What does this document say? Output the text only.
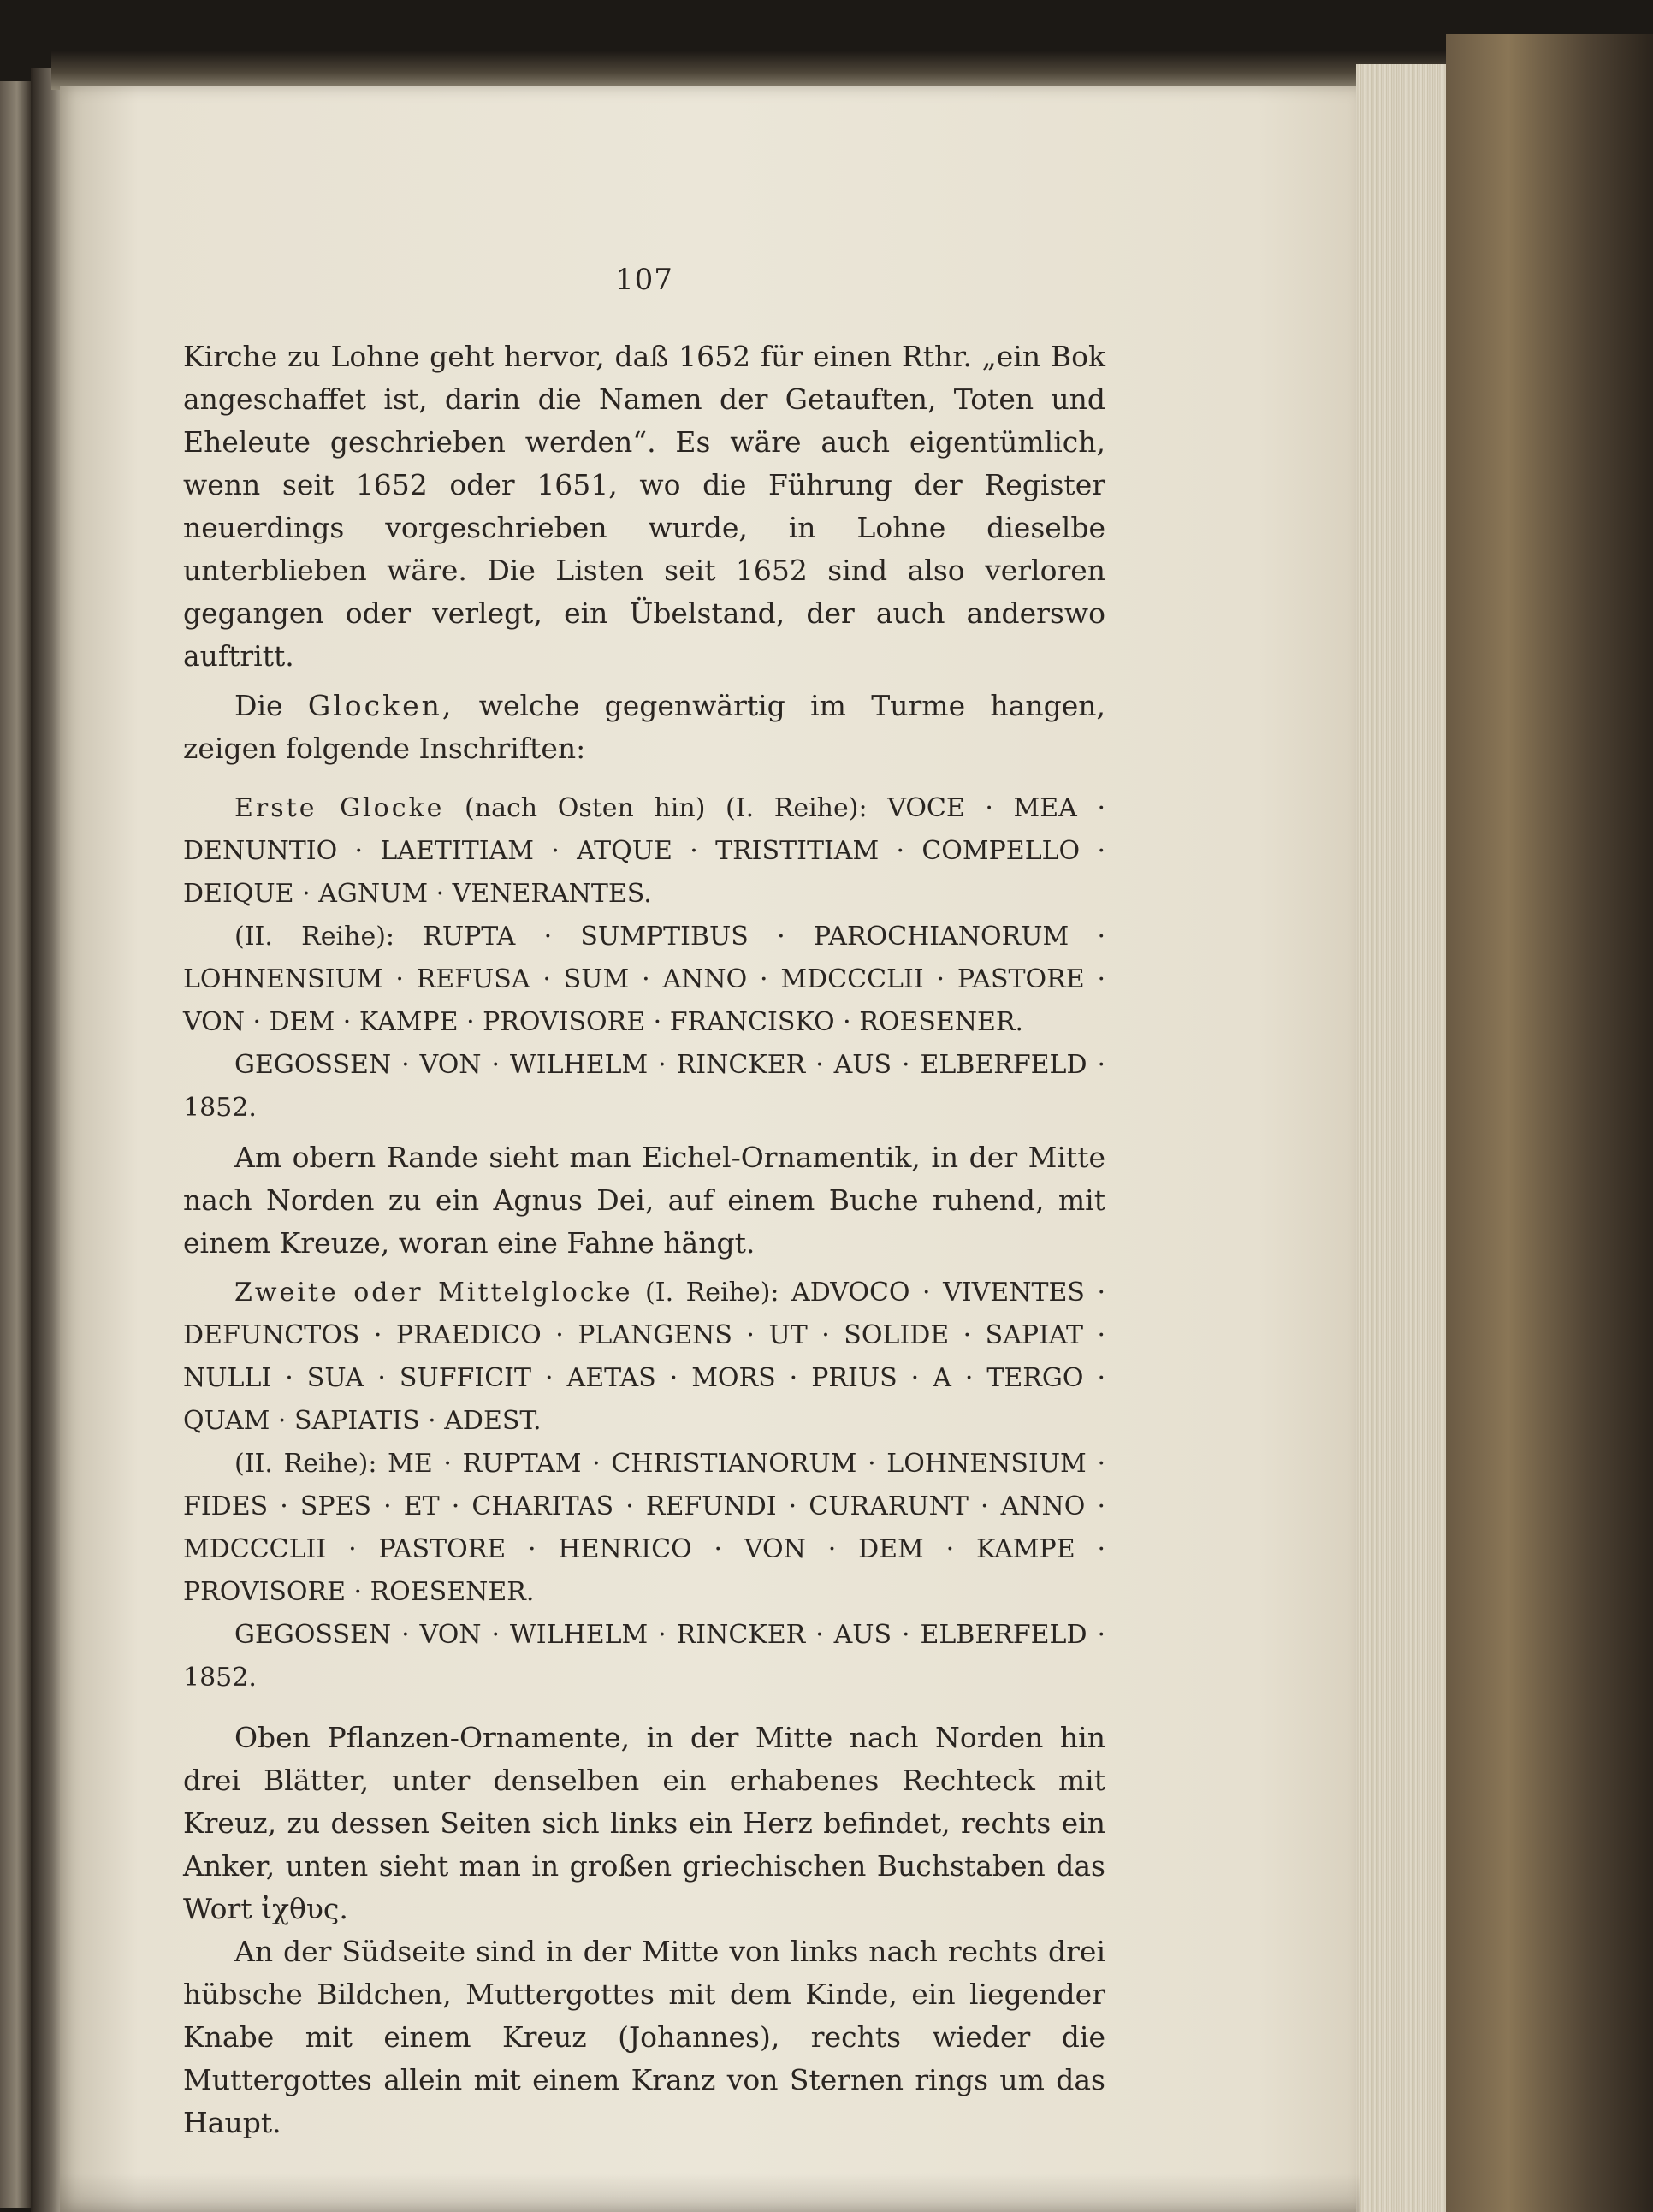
107

Kirche zu Lohne geht hervor, daß 1652 für einen Rthr. „ein Bok angeschaffet ist, darin die Namen der Getauften, Toten und Eheleute geschrieben werden“. Es wäre auch eigentümlich, wenn seit 1652 oder 1651, wo die Führung der Register neuerdings vorgeschrieben wurde, in Lohne dieselbe unterblieben wäre. Die Listen seit 1652 sind also verloren gegangen oder verlegt, ein Übelstand, der auch anderswo auftritt.

Die Glocken, welche gegenwärtig im Turme hangen, zeigen folgende Inschriften:

Erste Glocke (nach Osten hin) (I. Reihe): VOCE · MEA · DENUNTIO · LAETITIAM · ATQUE · TRISTITIAM · COMPELLO · DEIQUE · AGNUM · VENERANTES.

(II. Reihe): RUPTA · SUMPTIBUS · PAROCHIANORUM · LOHNENSIUM · REFUSA · SUM · ANNO · MDCCCLII · PASTORE · VON · DEM · KAMPE · PROVISORE · FRANCISKO · ROESENER.

GEGOSSEN · VON · WILHELM · RINCKER · AUS · ELBERFELD · 1852.

Am obern Rande sieht man Eichel-Ornamentik, in der Mitte nach Norden zu ein Agnus Dei, auf einem Buche ruhend, mit einem Kreuze, woran eine Fahne hängt.

Zweite oder Mittelglocke (I. Reihe): ADVOCO · VIVENTES · DEFUNCTOS · PRAEDICO · PLANGENS · UT · SOLIDE · SAPIAT · NULLI · SUA · SUFFICIT · AETAS · MORS · PRIUS · A · TERGO · QUAM · SAPIATIS · ADEST.

(II. Reihe): ME · RUPTAM · CHRISTIANORUM · LOHNENSIUM · FIDES · SPES · ET · CHARITAS · REFUNDI · CURARUNT · ANNO · MDCCCLII · PASTORE · HENRICO · VON · DEM · KAMPE · PROVISORE · ROESENER.

GEGOSSEN · VON · WILHELM · RINCKER · AUS · ELBERFELD · 1852.

Oben Pflanzen-Ornamente, in der Mitte nach Norden hin drei Blätter, unter denselben ein erhabenes Rechteck mit Kreuz, zu dessen Seiten sich links ein Herz befindet, rechts ein Anker, unten sieht man in großen griechischen Buchstaben das Wort ἰχθυς.

An der Südseite sind in der Mitte von links nach rechts drei hübsche Bildchen, Muttergottes mit dem Kinde, ein liegender Knabe mit einem Kreuz (Johannes), rechts wieder die Muttergottes allein mit einem Kranz von Sternen rings um das Haupt.
